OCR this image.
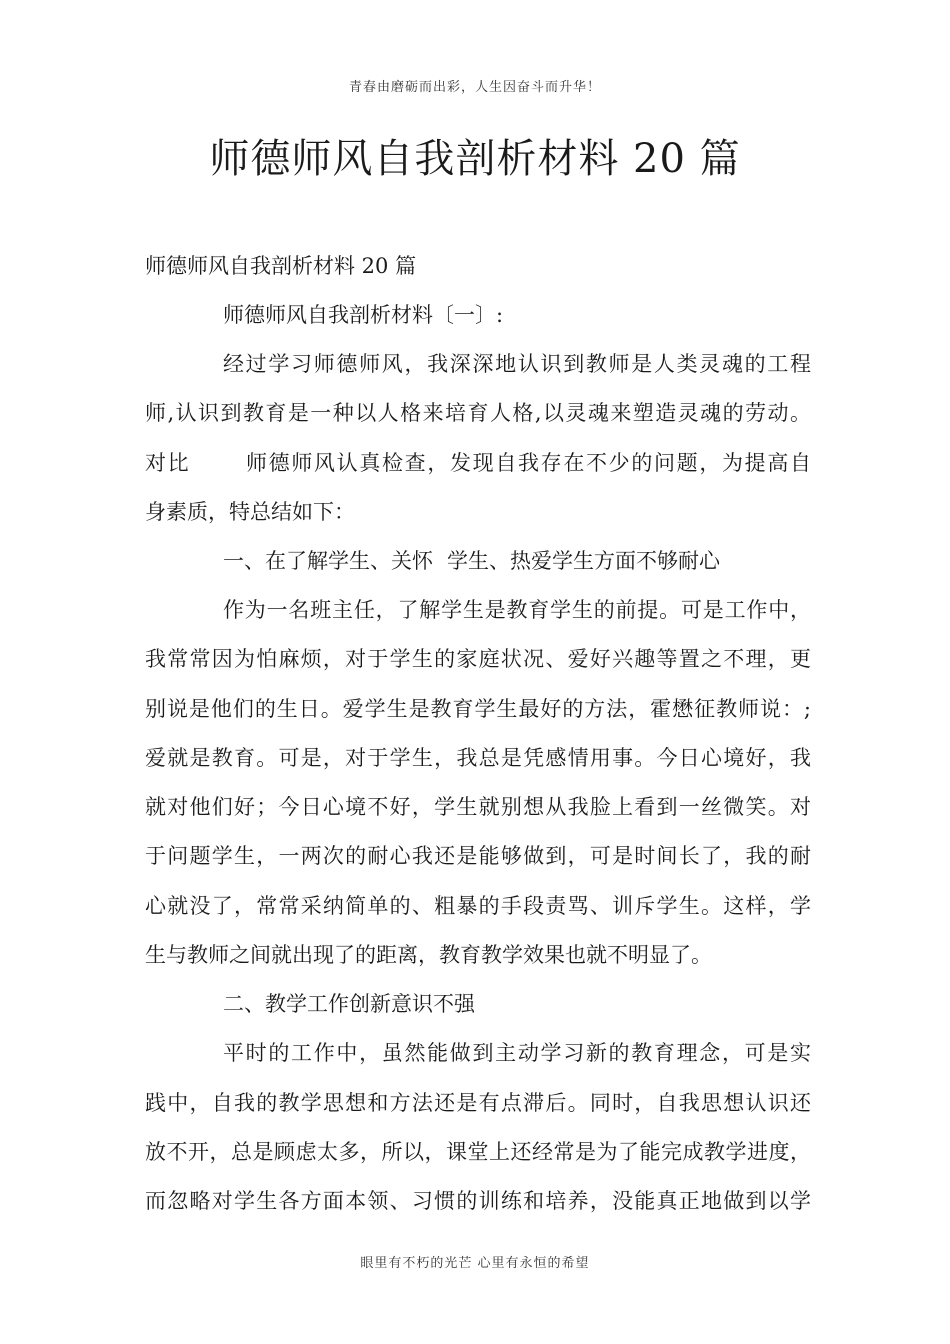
青春由磨砺而出彩，人生因奋斗而升华！
师德师风自我剖析材料 20 篇
师德师风自我剖析材料 20 篇
师德师风自我剖析材料〔一〕:
经过学习师德师风，我深深地认识到教师是人类灵魂的工程
师,认识到教育是一种以人格来培育人格,以灵魂来塑造灵魂的劳动。
对比	师德师风认真检查，发现自我存在不少的问题，为提高自
身素质，特总结如下：
一、在了解学生、关怀 学生、热爱学生方面不够耐心
作为一名班主任，了解学生是教育学生的前提。可是工作中，
我常常因为怕麻烦，对于学生的家庭状况、爱好兴趣等置之不理，更
别说是他们的生日。爱学生是教育学生最好的方法，霍懋征教师说：;
爱就是教育。可是，对于学生，我总是凭感情用事。今日心境好，我
就对他们好；今日心境不好，学生就别想从我脸上看到一丝微笑。对
于问题学生，一两次的耐心我还是能够做到，可是时间长了，我的耐
心就没了，常常采纳简单的、粗暴的手段责骂、训斥学生。这样，学
生与教师之间就出现了的距离，教育教学效果也就不明显了。
二、教学工作创新意识不强
平时的工作中，虽然能做到主动学习新的教育理念，可是实
践中，自我的教学思想和方法还是有点滞后。同时，自我思想认识还
放不开，总是顾虑太多，所以，课堂上还经常是为了能完成教学进度，
而忽略对学生各方面本领、习惯的训练和培养，没能真正地做到以学
眼里有不朽的光芒 心里有永恒的希望
